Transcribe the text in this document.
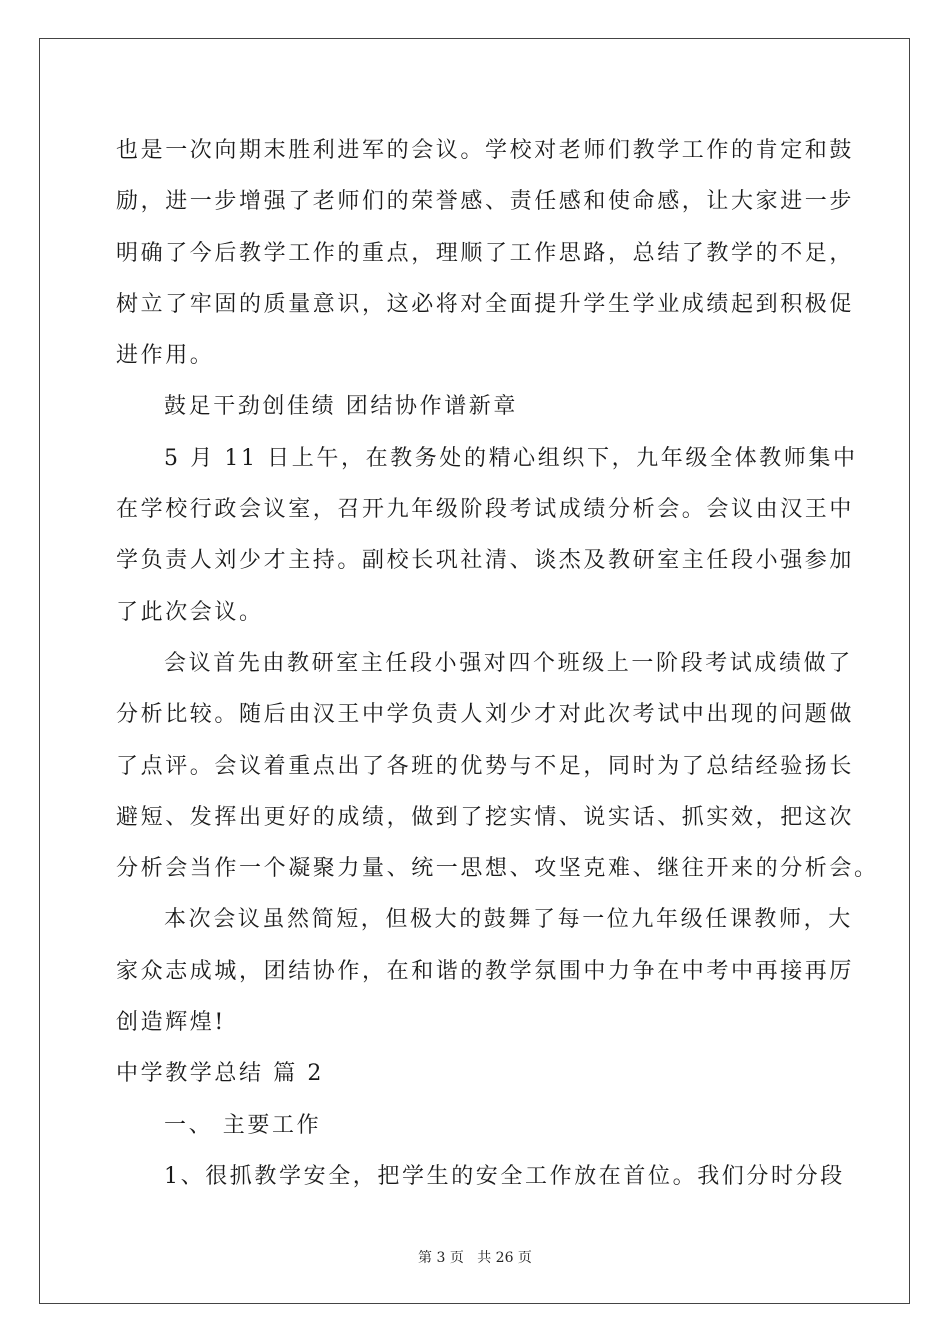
也是一次向期末胜利进军的会议。学校对老师们教学工作的肯定和鼓
励，进一步增强了老师们的荣誉感、责任感和使命感，让大家进一步
明确了今后教学工作的重点，理顺了工作思路，总结了教学的不足，
树立了牢固的质量意识，这必将对全面提升学生学业成绩起到积极促
进作用。
鼓足干劲创佳绩 团结协作谱新章
5 月 11 日上午，在教务处的精心组织下，九年级全体教师集中
在学校行政会议室，召开九年级阶段考试成绩分析会。会议由汉王中
学负责人刘少才主持。副校长巩社清、谈杰及教研室主任段小强参加
了此次会议。
会议首先由教研室主任段小强对四个班级上一阶段考试成绩做了
分析比较。随后由汉王中学负责人刘少才对此次考试中出现的问题做
了点评。会议着重点出了各班的优势与不足，同时为了总结经验扬长
避短、发挥出更好的成绩，做到了挖实情、说实话、抓实效，把这次
分析会当作一个凝聚力量、统一思想、攻坚克难、继往开来的分析会。
本次会议虽然简短，但极大的鼓舞了每一位九年级任课教师，大
家众志成城，团结协作，在和谐的教学氛围中力争在中考中再接再厉
创造辉煌!
中学教学总结 篇 2
一、 主要工作
1、很抓教学安全，把学生的安全工作放在首位。我们分时分段
第 3 页 共 26 页
